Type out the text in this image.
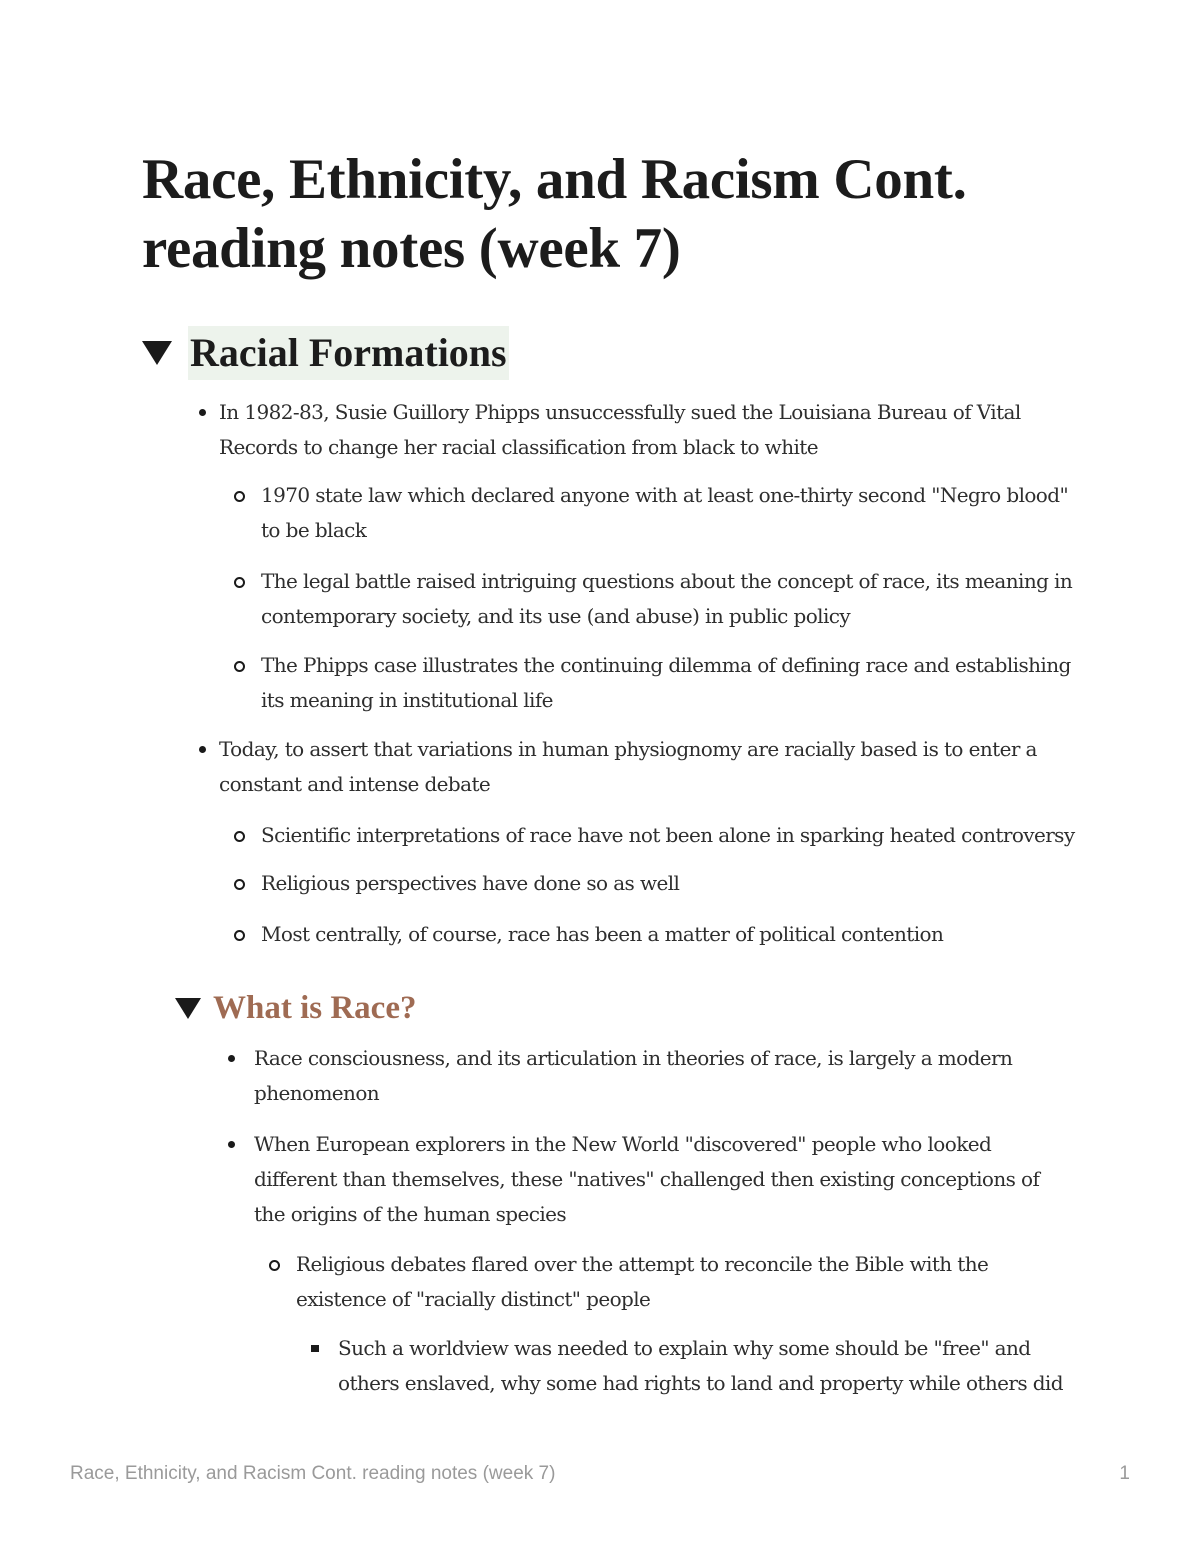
Race, Ethnicity, and Racism Cont.
reading notes (week 7)
Racial Formations
In 1982-83, Susie Guillory Phipps unsuccessfully sued the Louisiana Bureau of Vital Records to change her racial classification from black to white
1970 state law which declared anyone with at least one-thirty second "Negro blood" to be black
The legal battle raised intriguing questions about the concept of race, its meaning in contemporary society, and its use (and abuse) in public policy
The Phipps case illustrates the continuing dilemma of defining race and establishing its meaning in institutional life
Today, to assert that variations in human physiognomy are racially based is to enter a constant and intense debate
Scientific interpretations of race have not been alone in sparking heated controversy
Religious perspectives have done so as well
Most centrally, of course, race has been a matter of political contention
What is Race?
Race consciousness, and its articulation in theories of race, is largely a modern phenomenon
When European explorers in the New World "discovered" people who looked different than themselves, these "natives" challenged then existing conceptions of the origins of the human species
Religious debates flared over the attempt to reconcile the Bible with the existence of "racially distinct" people
Such a worldview was needed to explain why some should be "free" and others enslaved, why some had rights to land and property while others did
Race, Ethnicity, and Racism Cont. reading notes (week 7)	1
